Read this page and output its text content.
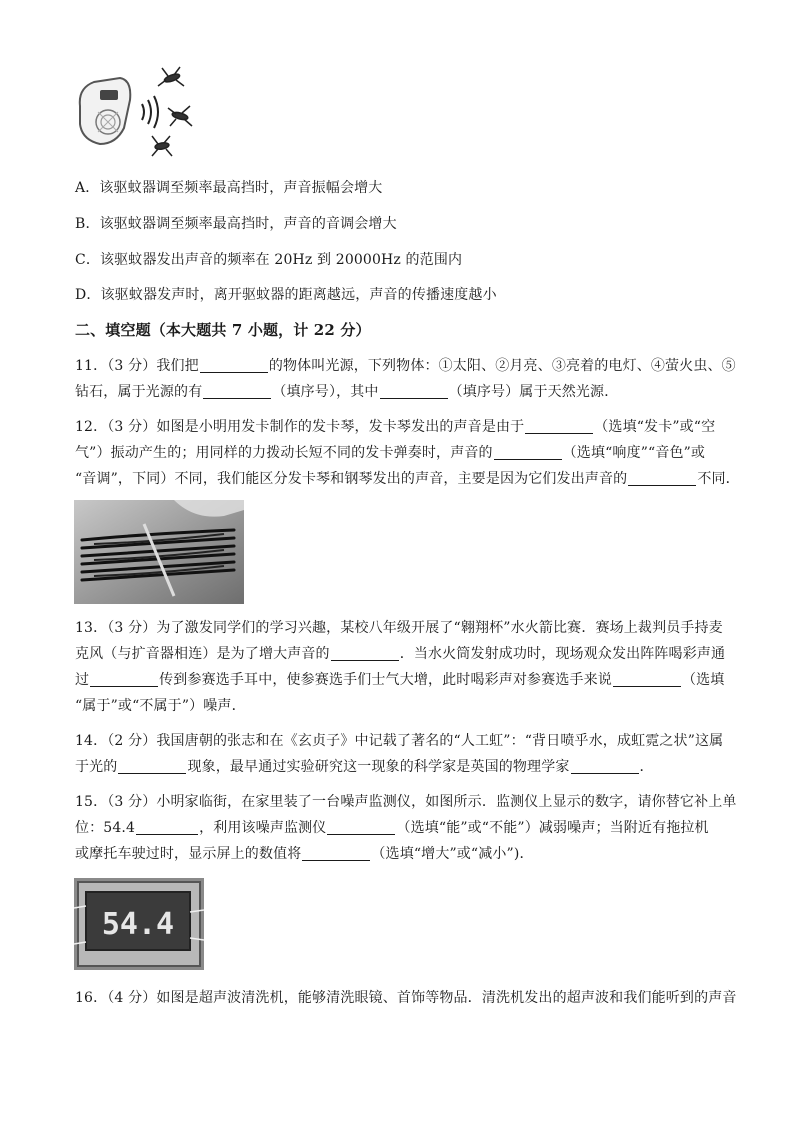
A．该驱蚊器调至频率最高挡时，声音振幅会增大
B．该驱蚊器调至频率最高挡时，声音的音调会增大
C．该驱蚊器发出声音的频率在 20Hz 到 20000Hz 的范围内
D．该驱蚊器发声时，离开驱蚊器的距离越远，声音的传播速度越小
二、填空题（本大题共 7 小题，计 22 分）
11．（3 分）我们把	的物体叫光源，下列物体：①太阳、②月亮、③亮着的电灯、④萤火虫、⑤
钻石，属于光源的有	（填序号），其中	（填序号）属于天然光源．
12．（3 分）如图是小明用发卡制作的发卡琴，发卡琴发出的声音是由于	（选填“发卡”或“空
气”）振动产生的；用同样的力拨动长短不同的发卡弹奏时，声音的	（选填“响度”“音色”或
“音调”，下同）不同，我们能区分发卡琴和钢琴发出的声音，主要是因为它们发出声音的	不同．
13．（3 分）为了激发同学们的学习兴趣，某校八年级开展了“翱翔杯”水火箭比赛．赛场上裁判员手持麦
克风（与扩音器相连）是为了增大声音的	．当水火筒发射成功时，现场观众发出阵阵喝彩声通
过	传到参赛选手耳中，使参赛选手们士气大增，此时喝彩声对参赛选手来说	（选填
“属于”或“不属于”）噪声．
14．（2 分）我国唐朝的张志和在《玄贞子》中记载了著名的“人工虹”：“背日喷乎水，成虹霓之状”这属
于光的	现象，最早通过实验研究这一现象的科学家是英国的物理学家	．
15．（3 分）小明家临街，在家里装了一台噪声监测仪，如图所示．监测仪上显示的数字，请你替它补上单
位：54.4	，利用该噪声监测仪	（选填“能”或“不能”）减弱噪声；当附近有拖拉机
或摩托车驶过时，显示屏上的数值将	（选填“增大”或“减小”)．
54.4
16．（4 分）如图是超声波清洗机，能够清洗眼镜、首饰等物品．清洗机发出的超声波和我们能听到的声音
